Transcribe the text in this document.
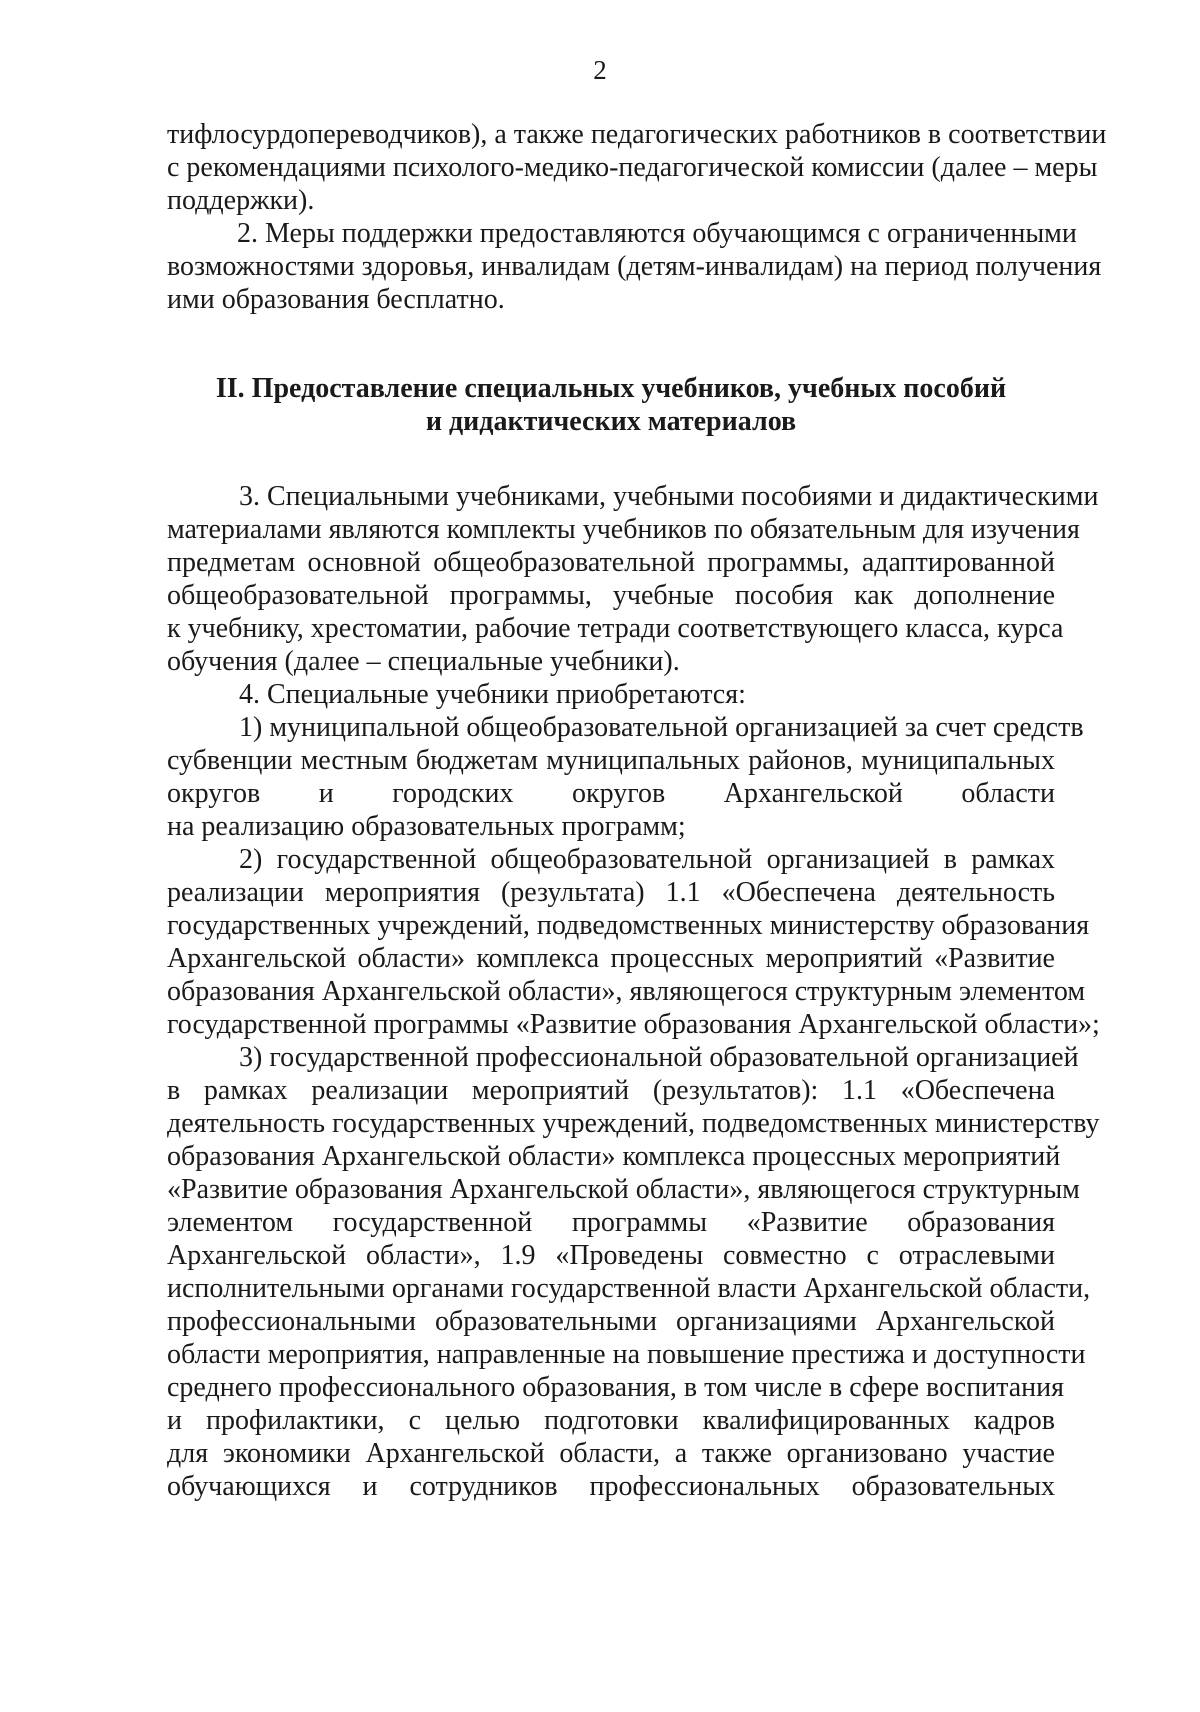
2
тифлосурдопереводчиков), а также педагогических работников в соответствии
с рекомендациями психолого-медико-педагогической комиссии (далее – меры
поддержки).
2. Меры поддержки предоставляются обучающимся с ограниченными
возможностями здоровья, инвалидам (детям-инвалидам) на период получения
ими образования бесплатно.
II. Предоставление специальных учебников, учебных пособий
и дидактических материалов
3. Специальными учебниками, учебными пособиями и дидактическими
материалами являются комплекты учебников по обязательным для изучения
предметам основной общеобразовательной программы, адаптированной
общеобразовательной программы, учебные пособия как дополнение
к учебнику, хрестоматии, рабочие тетради соответствующего класса, курса
обучения (далее – специальные учебники).
4. Специальные учебники приобретаются:
1) муниципальной общеобразовательной организацией за счет средств
субвенции местным бюджетам муниципальных районов, муниципальных
округов и городских округов Архангельской области
на реализацию образовательных программ;
2) государственной общеобразовательной организацией в рамках
реализации мероприятия (результата) 1.1 «Обеспечена деятельность
государственных учреждений, подведомственных министерству образования
Архангельской области» комплекса процессных мероприятий «Развитие
образования Архангельской области», являющегося структурным элементом
государственной программы «Развитие образования Архангельской области»;
3) государственной профессиональной образовательной организацией
в рамках реализации мероприятий (результатов): 1.1 «Обеспечена
деятельность государственных учреждений, подведомственных министерству
образования Архангельской области» комплекса процессных мероприятий
«Развитие образования Архангельской области», являющегося структурным
элементом государственной программы «Развитие образования
Архангельской области», 1.9 «Проведены совместно с отраслевыми
исполнительными органами государственной власти Архангельской области,
профессиональными образовательными организациями Архангельской
области мероприятия, направленные на повышение престижа и доступности
среднего профессионального образования, в том числе в сфере воспитания
и профилактики, с целью подготовки квалифицированных кадров
для экономики Архангельской области, а также организовано участие
обучающихся и сотрудников профессиональных образовательных
